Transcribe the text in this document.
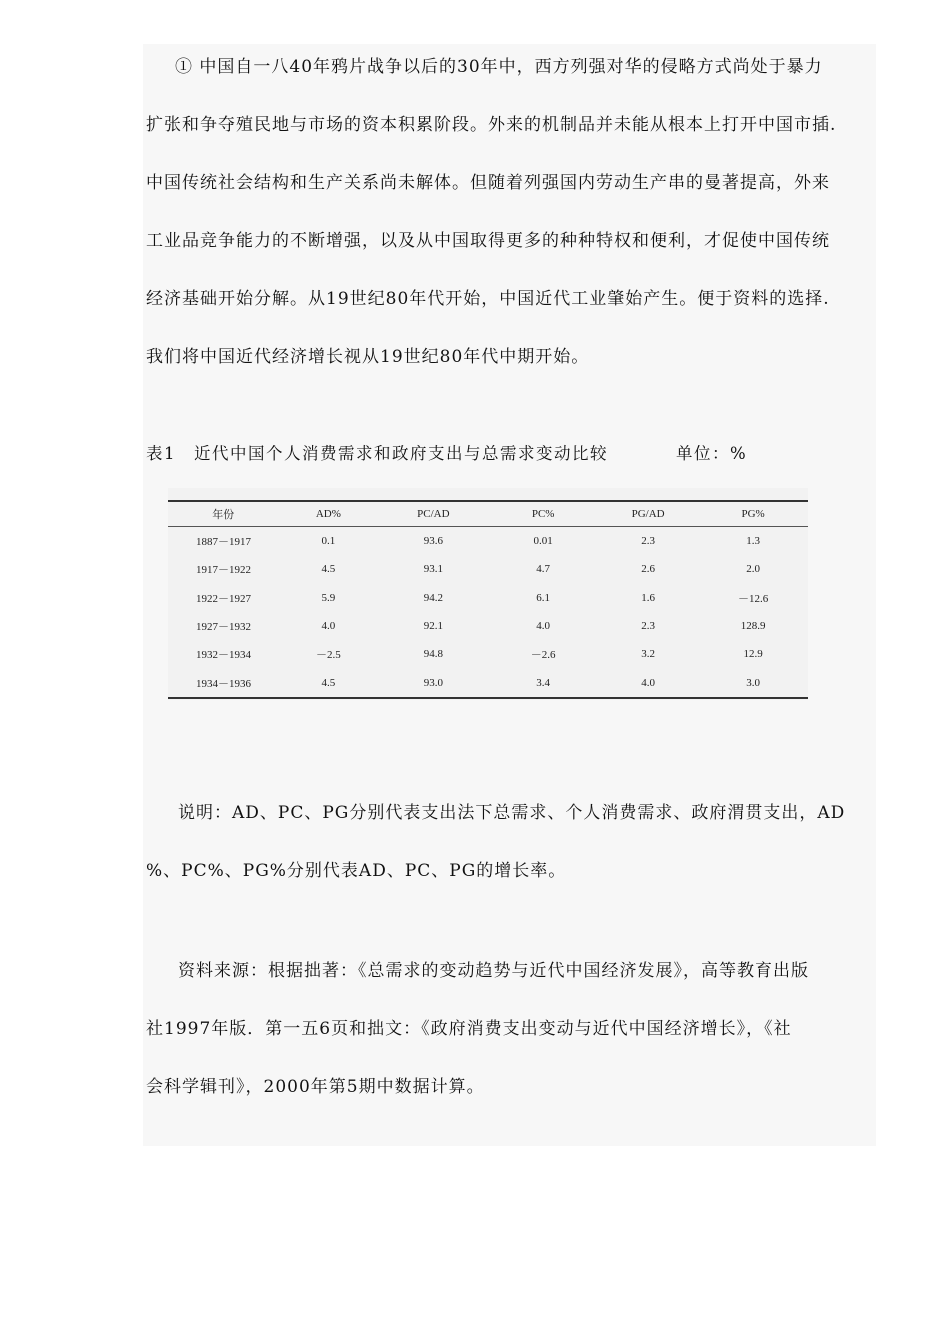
① 中国自一八40年鸦片战争以后的30年中，西方列强对华的侵略方式尚处于暴力
扩张和争夺殖民地与市场的资本积累阶段。外来的机制品并未能从根本上打开中国市插.
中国传统社会结构和生产关系尚未解体。但随着列强国内劳动生产串的曼著提高，外来
工业品竞争能力的不断增强，以及从中国取得更多的种种特权和便利，才促使中国传统
经济基础开始分解。从19世纪80年代开始，中国近代工业肇始产生。便于资料的选择.
我们将中国近代经济增长视从19世纪80年代中期开始。
表1　近代中国个人消费需求和政府支出与总需求变动比较	单位：%
年份	AD%	PC/AD	PC%	PG/AD	PG%
1887－1917	0.1	93.6	0.01	2.3	1.3
1917－1922	4.5	93.1	4.7	2.6	2.0
1922－1927	5.9	94.2	6.1	1.6	－12.6
1927－1932	4.0	92.1	4.0	2.3	128.9
1932－1934	－2.5	94.8	－2.6	3.2	12.9
1934－1936	4.5	93.0	3.4	4.0	3.0
说明：AD、PC、PG分别代表支出法下总需求、个人消费需求、政府渭贯支出，AD
%、PC%、PG%分别代表AD、PC、PG的增长率。
资料来源：根据拙著：《总需求的变动趋势与近代中国经济发展》，高等教育出版
社1997年版．第一五6页和拙文：《政府消费支出变动与近代中国经济增长》，《社
会科学辑刊》，2000年第5期中数据计算。
